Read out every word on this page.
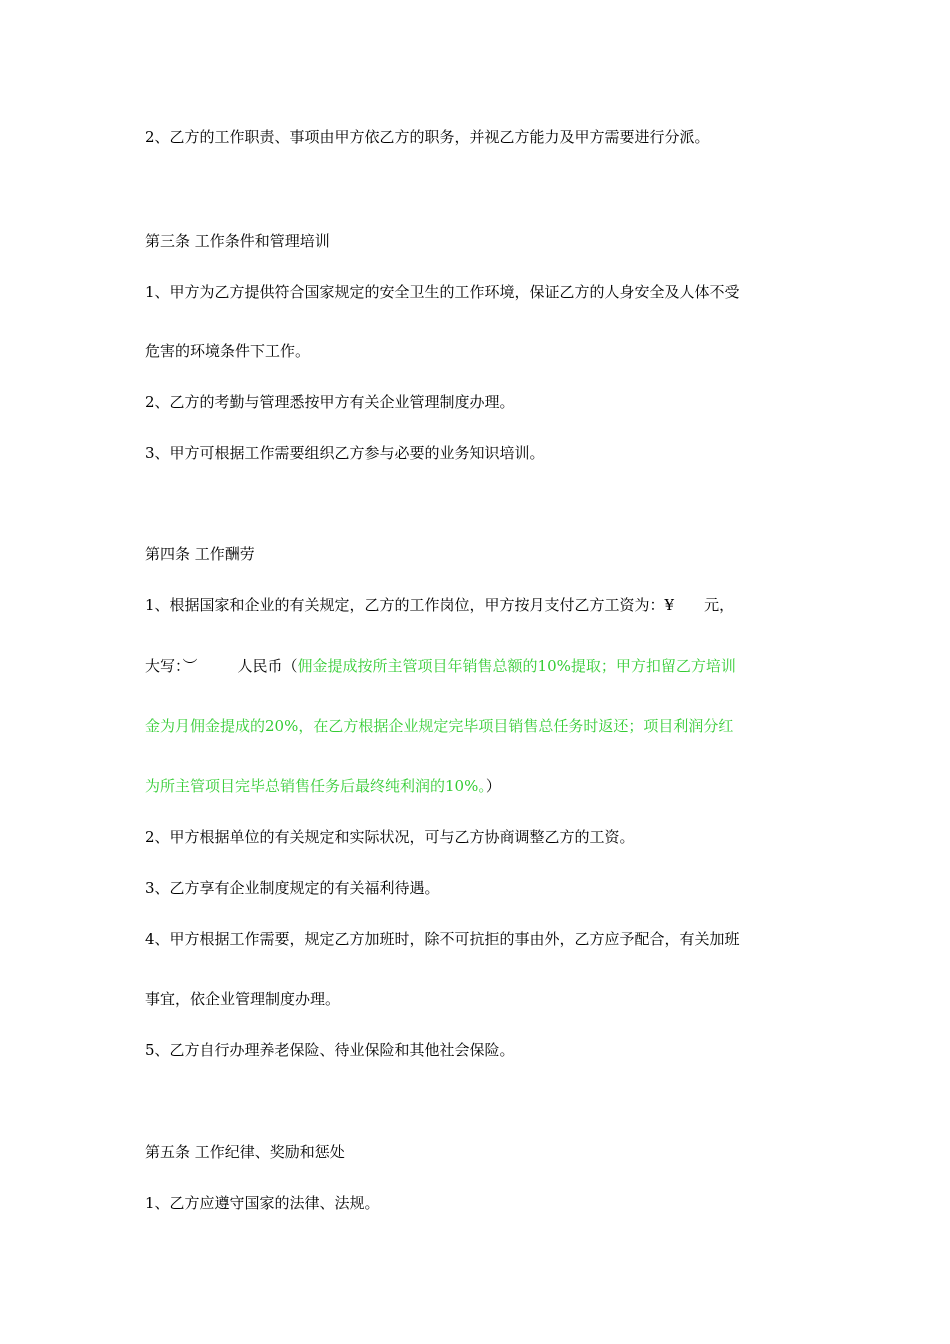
2、乙方的工作职责、事项由甲方依乙方的职务，并视乙方能力及甲方需要进行分派。
第三条 工作条件和管理培训
1、甲方为乙方提供符合国家规定的安全卫生的工作环境，保证乙方的人身安全及人体不受
危害的环境条件下工作。
2、乙方的考勤与管理悉按甲方有关企业管理制度办理。
3、甲方可根据工作需要组织乙方参与必要的业务知识培训。
第四条 工作酬劳
1、根据国家和企业的有关规定，乙方的工作岗位，甲方按月支付乙方工资为：¥ 元，
大写：︶	人民币（佣金提成按所主管项目年销售总额的10%提取；甲方扣留乙方培训
金为月佣金提成的20%，在乙方根据企业规定完毕项目销售总任务时返还；项目利润分红
为所主管项目完毕总销售任务后最终纯利润的10%。）
2、甲方根据单位的有关规定和实际状况，可与乙方协商调整乙方的工资。
3、乙方享有企业制度规定的有关福利待遇。
4、甲方根据工作需要，规定乙方加班时，除不可抗拒的事由外，乙方应予配合，有关加班
事宜，依企业管理制度办理。
5、乙方自行办理养老保险、待业保险和其他社会保险。
第五条 工作纪律、奖励和惩处
1、乙方应遵守国家的法律、法规。
